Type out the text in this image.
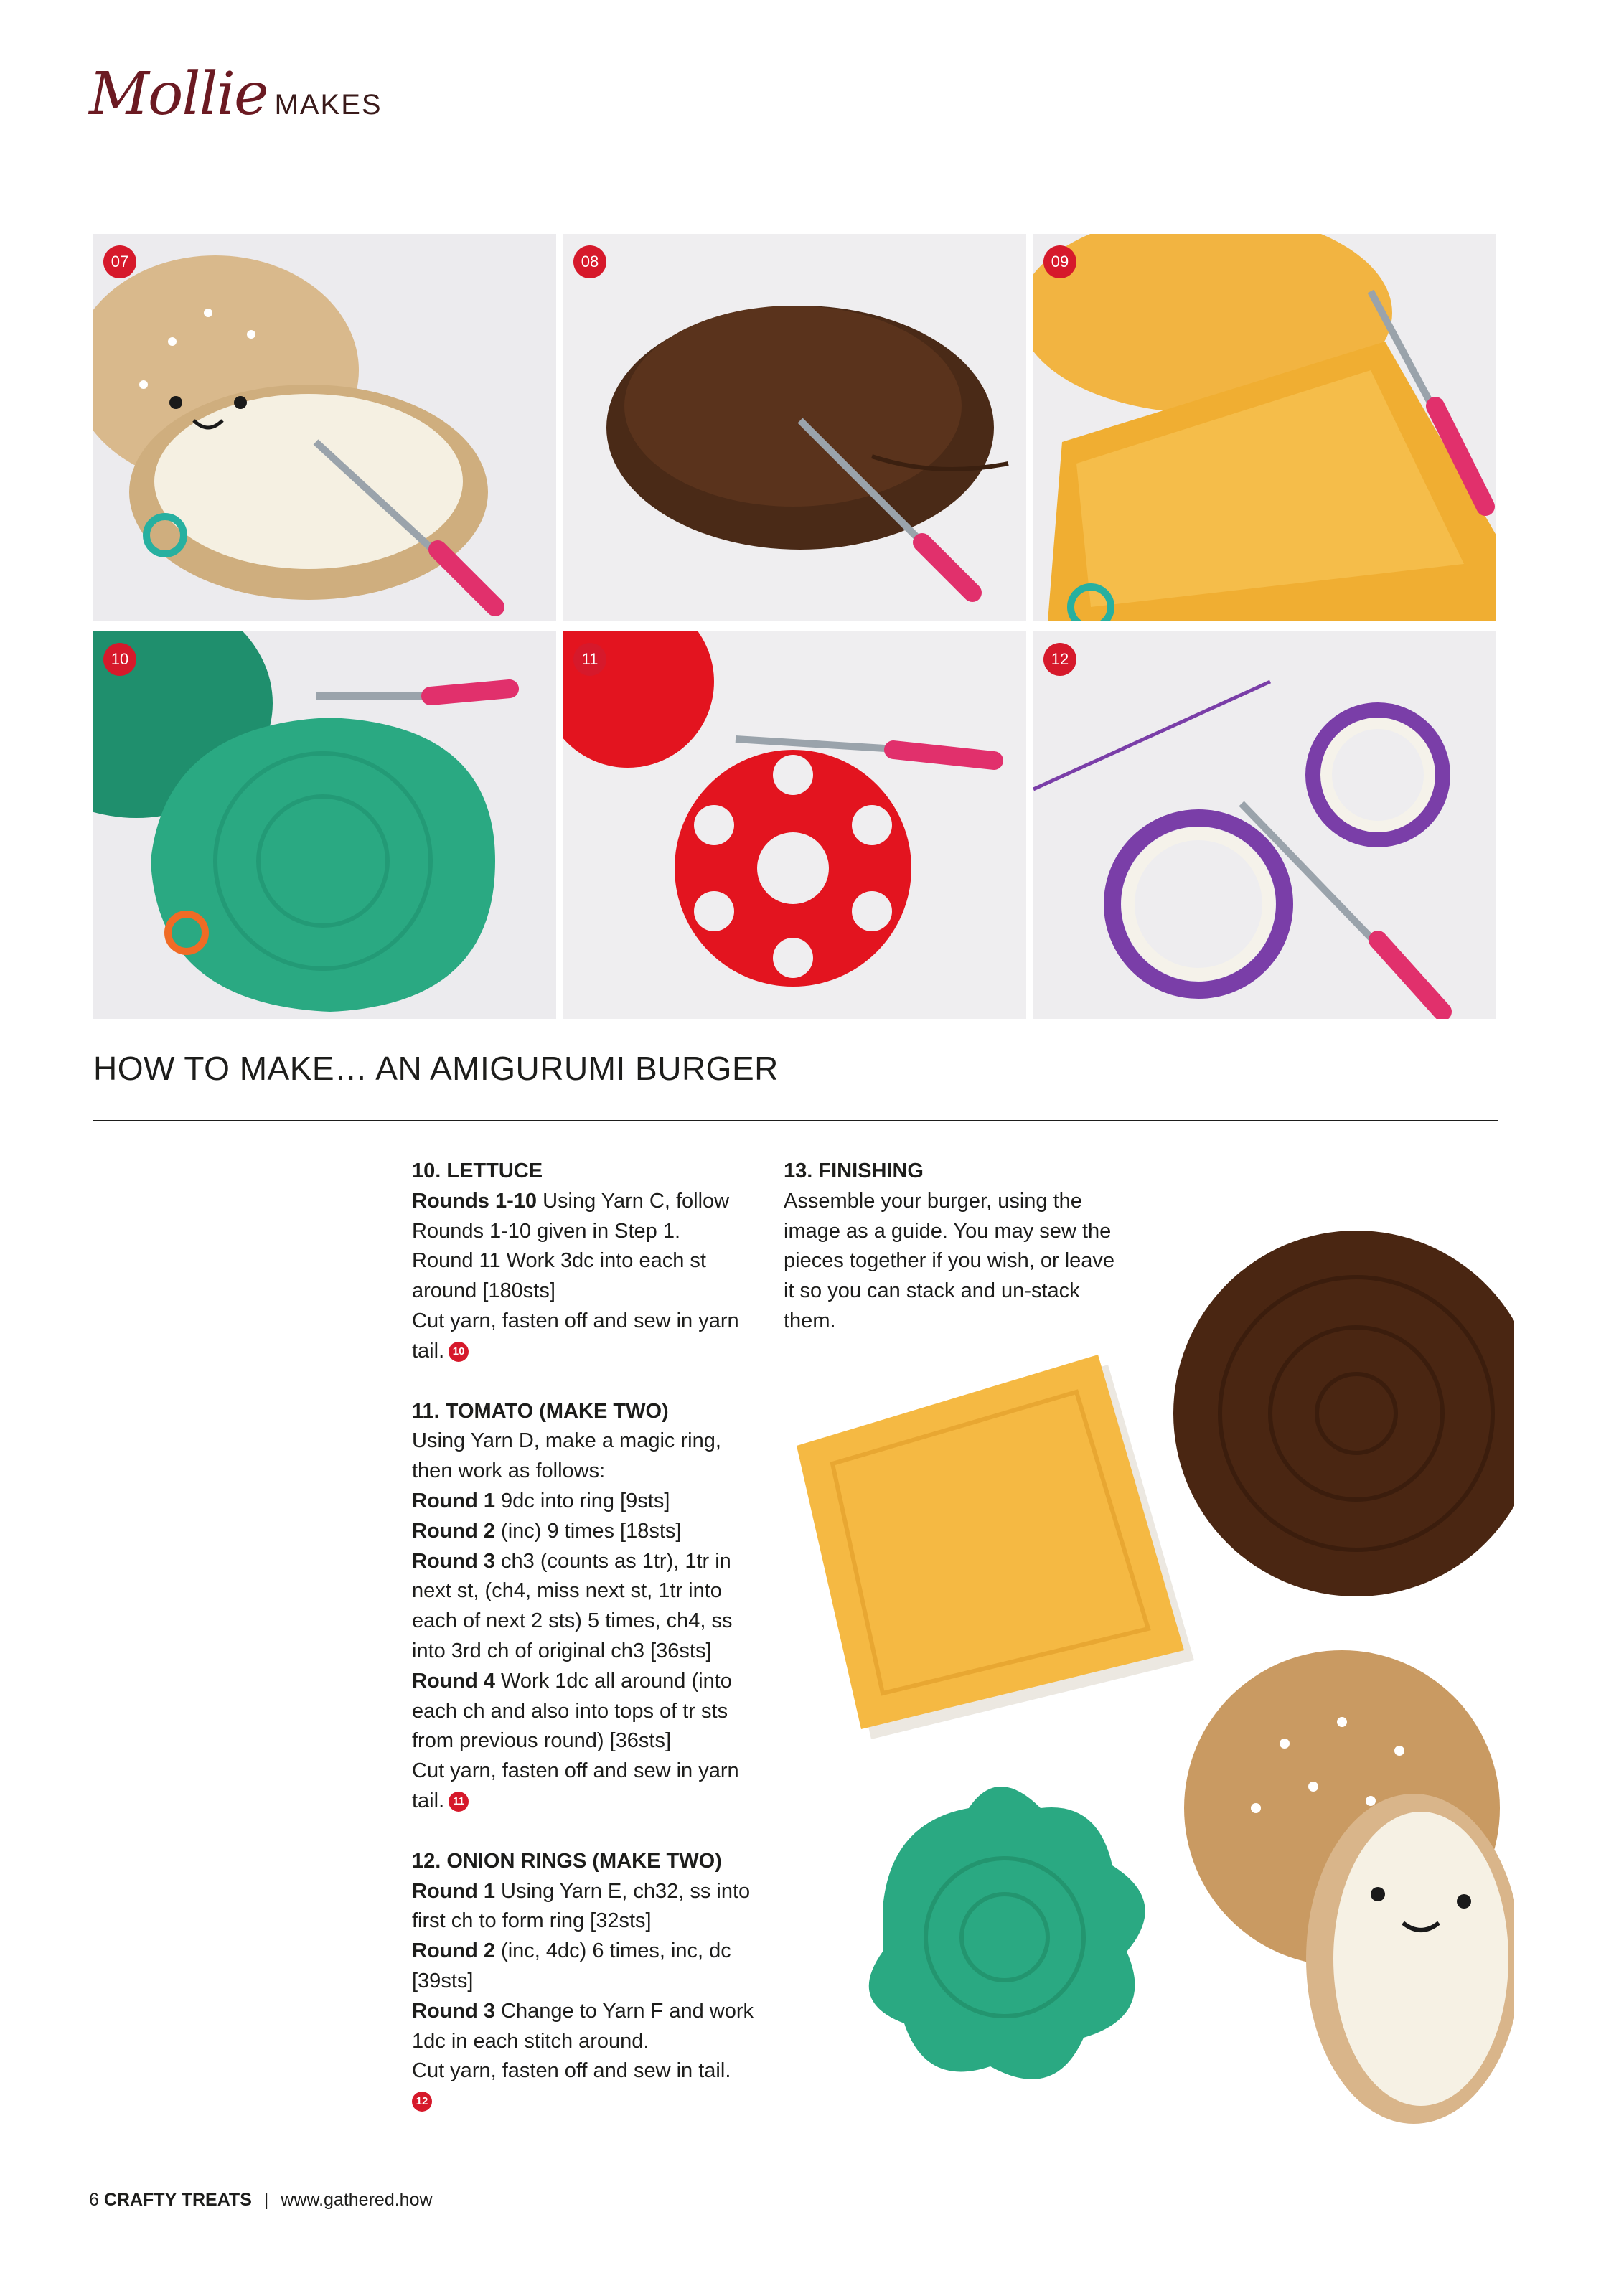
Mollie MAKES
07	08	09
10	11	12
HOW TO MAKE… AN AMIGURUMI BURGER

10. LETTUCE

Rounds 1-10 Using Yarn C, follow Rounds 1-10 given in Step 1.

Round 11 Work 3dc into each st around [180sts]

Cut yarn, fasten off and sew in yarn tail. 10

11. TOMATO (MAKE TWO)

Using Yarn D, make a magic ring, then work as follows:

Round 1 9dc into ring [9sts]

Round 2 (inc) 9 times [18sts]

Round 3 ch3 (counts as 1tr), 1tr in next st, (ch4, miss next st, 1tr into each of next 2 sts) 5 times, ch4, ss into 3rd ch of original ch3 [36sts]

Round 4 Work 1dc all around (into each ch and also into tops of tr sts from previous round) [36sts]

Cut yarn, fasten off and sew in yarn tail. 11

12. ONION RINGS (MAKE TWO)

Round 1 Using Yarn E, ch32, ss into first ch to form ring [32sts]

Round 2 (inc, 4dc) 6 times, inc, dc [39sts]

Round 3 Change to Yarn F and work 1dc in each stitch around.

Cut yarn, fasten off and sew in tail.

12

13. FINISHING

Assemble your burger, using the image as a guide. You may sew the pieces together if you wish, or leave it so you can stack and un-stack them.

6 CRAFTY TREATS | www.gathered.how
